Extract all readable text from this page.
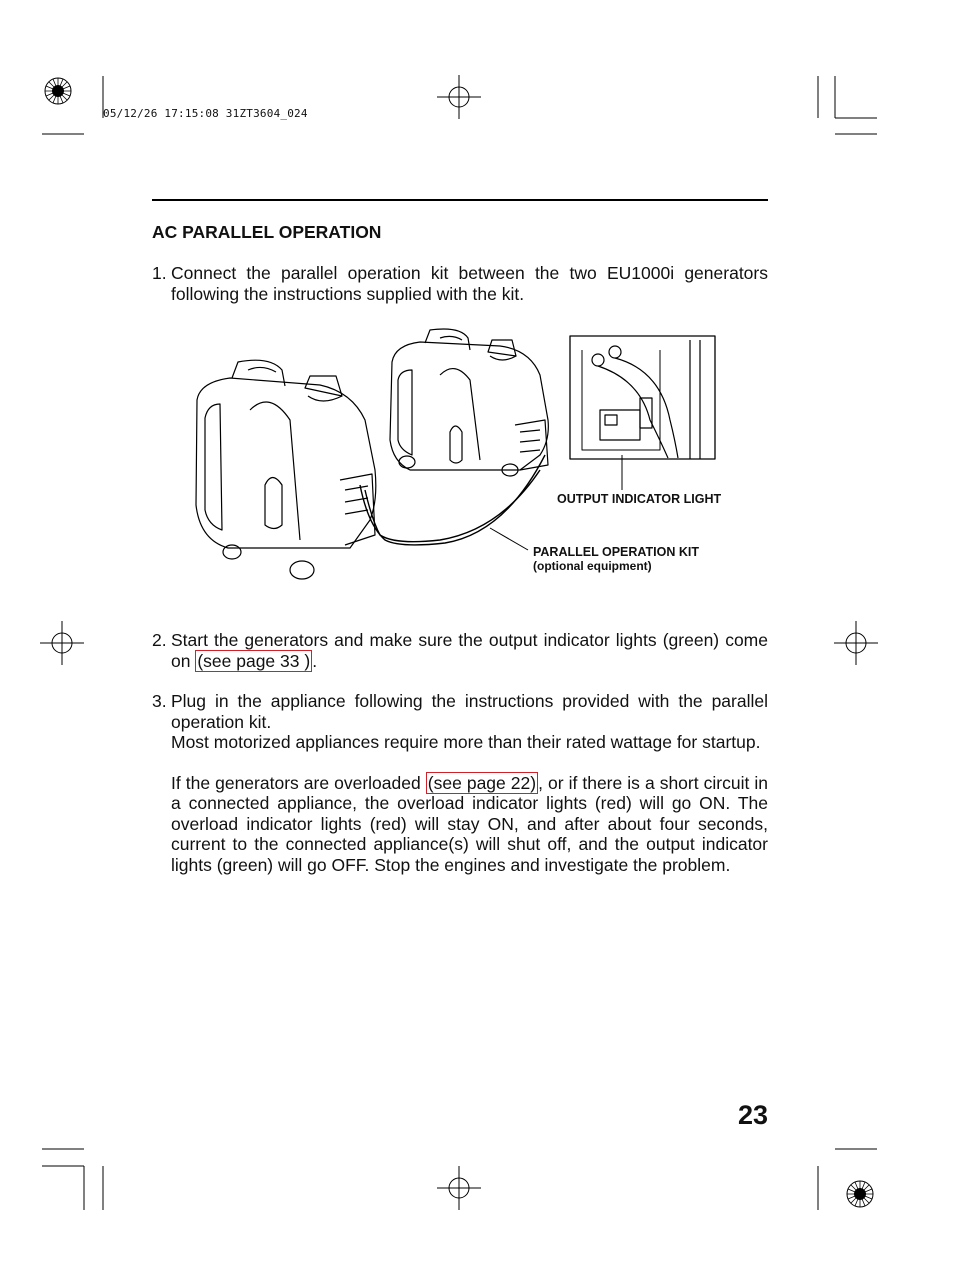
05/12/26 17:15:08 31ZT3604_024
AC PARALLEL OPERATION
1. Connect the parallel operation kit between the two EU1000i generators following the instructions supplied with the kit.

OUTPUT INDICATOR LIGHT
PARALLEL OPERATION KIT
(optional equipment)
2. Start the generators and make sure the output indicator lights (green) come on (see page 33 ) .

3. Plug in the appliance following the instructions provided with the parallel operation kit.

Most motorized appliances require more than their rated wattage for startup.

If the generators are overloaded (see page 22) , or if there is a short circuit in a connected appliance, the overload indicator lights (red) will go ON. The overload indicator lights (red) will stay ON, and after about four seconds, current to the connected appliance(s) will shut off, and the output indicator lights (green) will go OFF. Stop the engines and investigate the problem.

23
